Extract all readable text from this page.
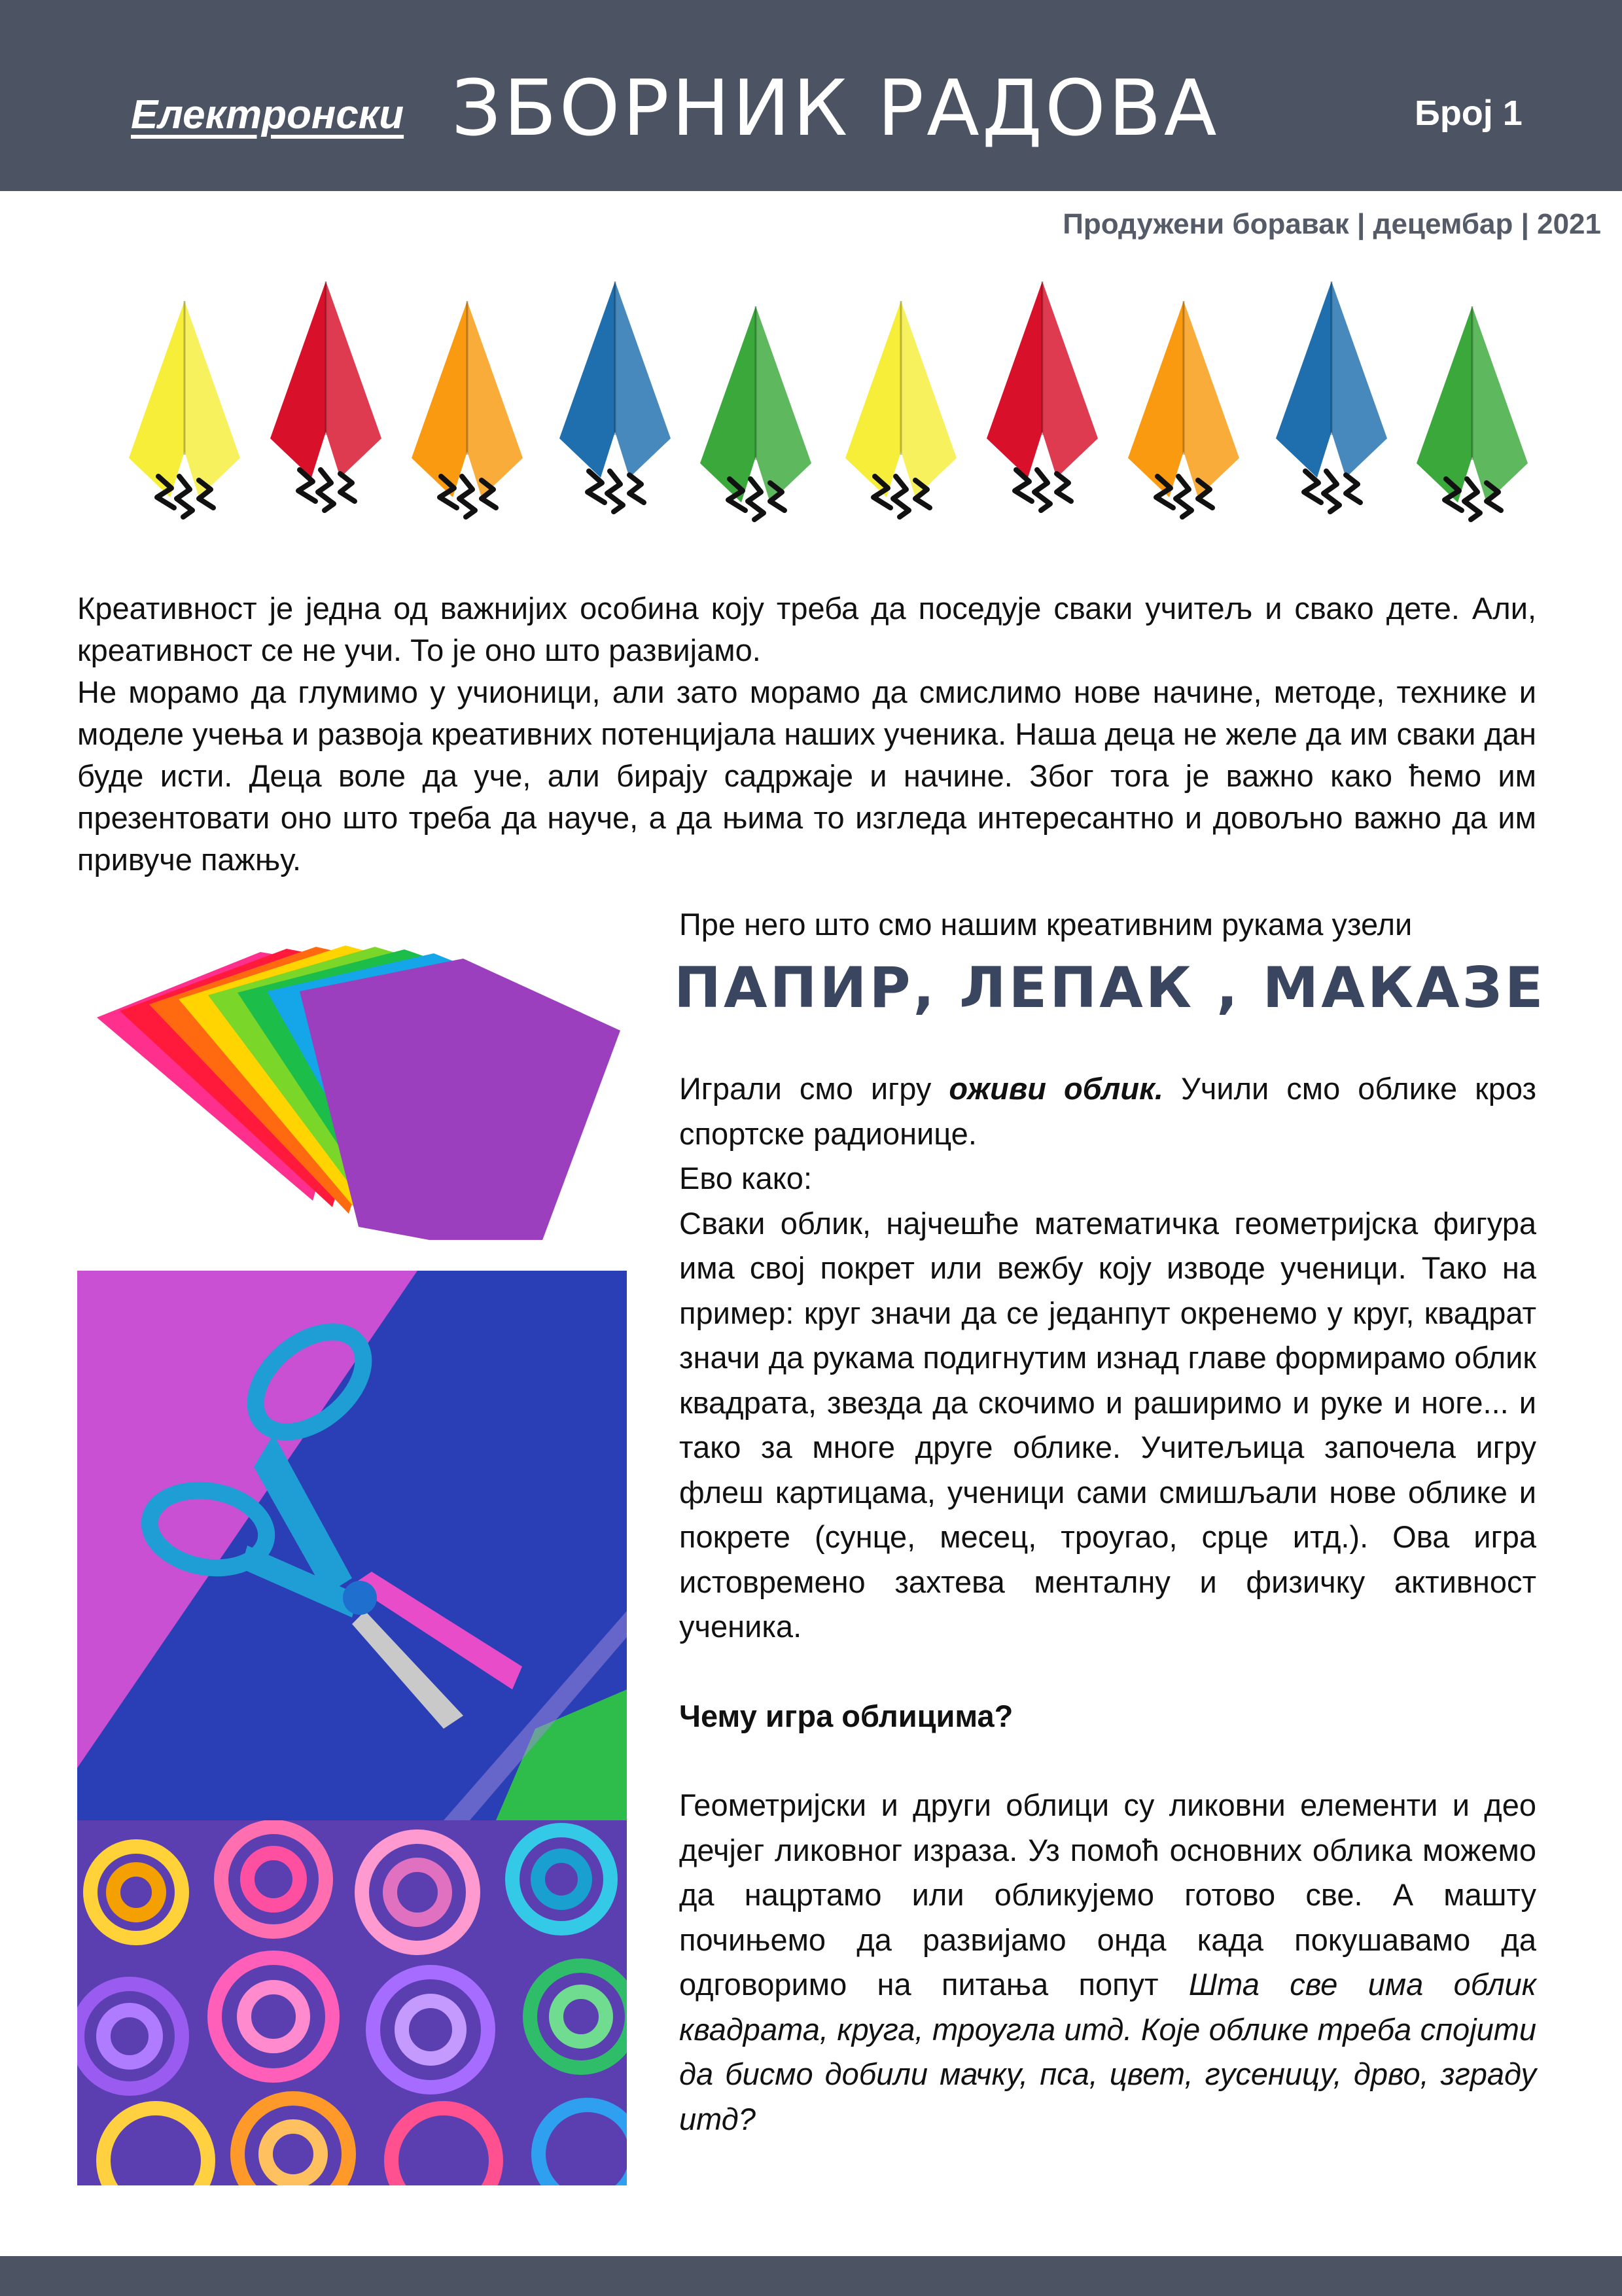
Електронски ЗБОРНИК РАДОВА	Број 1
Продужени боравак | децембар | 2021

Креативност је једна од важнијих особина коју треба да поседује сваки учитељ и свако дете. Али, креативност се не учи. То је оно што развијамо.

Не морамо да глумимо у учионици, али зато морамо да смислимо нове начине, методе, технике и моделе учења и развоја креативних потенцијала наших ученика. Наша деца не желе да им сваки дан буде исти. Деца воле да уче, али бирају садржаје и начине. Због тога је важно како ћемо им презентовати оно што треба да науче, а да њима то изгледа интересантно и довољно важно да им привуче пажњу.

Пре него што смо нашим креативним рукама узели
ПАПИР, ЛЕПАК , МАКАЗЕ

Играли смо игру оживи облик. Учили смо облике кроз спортске радионице.

Ево како:

Сваки облик, најчешће математичка геометријска фигура има свој покрет или вежбу коју изводе ученици. Тако на пример: круг значи да се једанпут окренемо у круг, квадрат значи да рукама подигнутим изнад главе формирамо облик квадрата, звезда да скочимо и раширимо и руке и ноге... и тако за многе друге облике. Учитељица започела игру флеш картицама, ученици сами смишљали нове облике и покрете (сунце, месец, троугао, срце итд.). Ова игра истовремено захтева менталну и физичку активност ученика.

Чему игра облицима?

Геометријски и други облици су ликовни елементи и део дечјег ликовног израза. Уз помоћ основних облика можемо да нацртамо или обликујемо готово све. А машту почињемо да развијамо онда када покушавамо да одговоримо на питања попут Шта све има облик квадрата, круга, троугла итд. Које облике треба спојити да бисмо добили мачку, пса, цвет, гусеницу, дрво, зграду итд?
